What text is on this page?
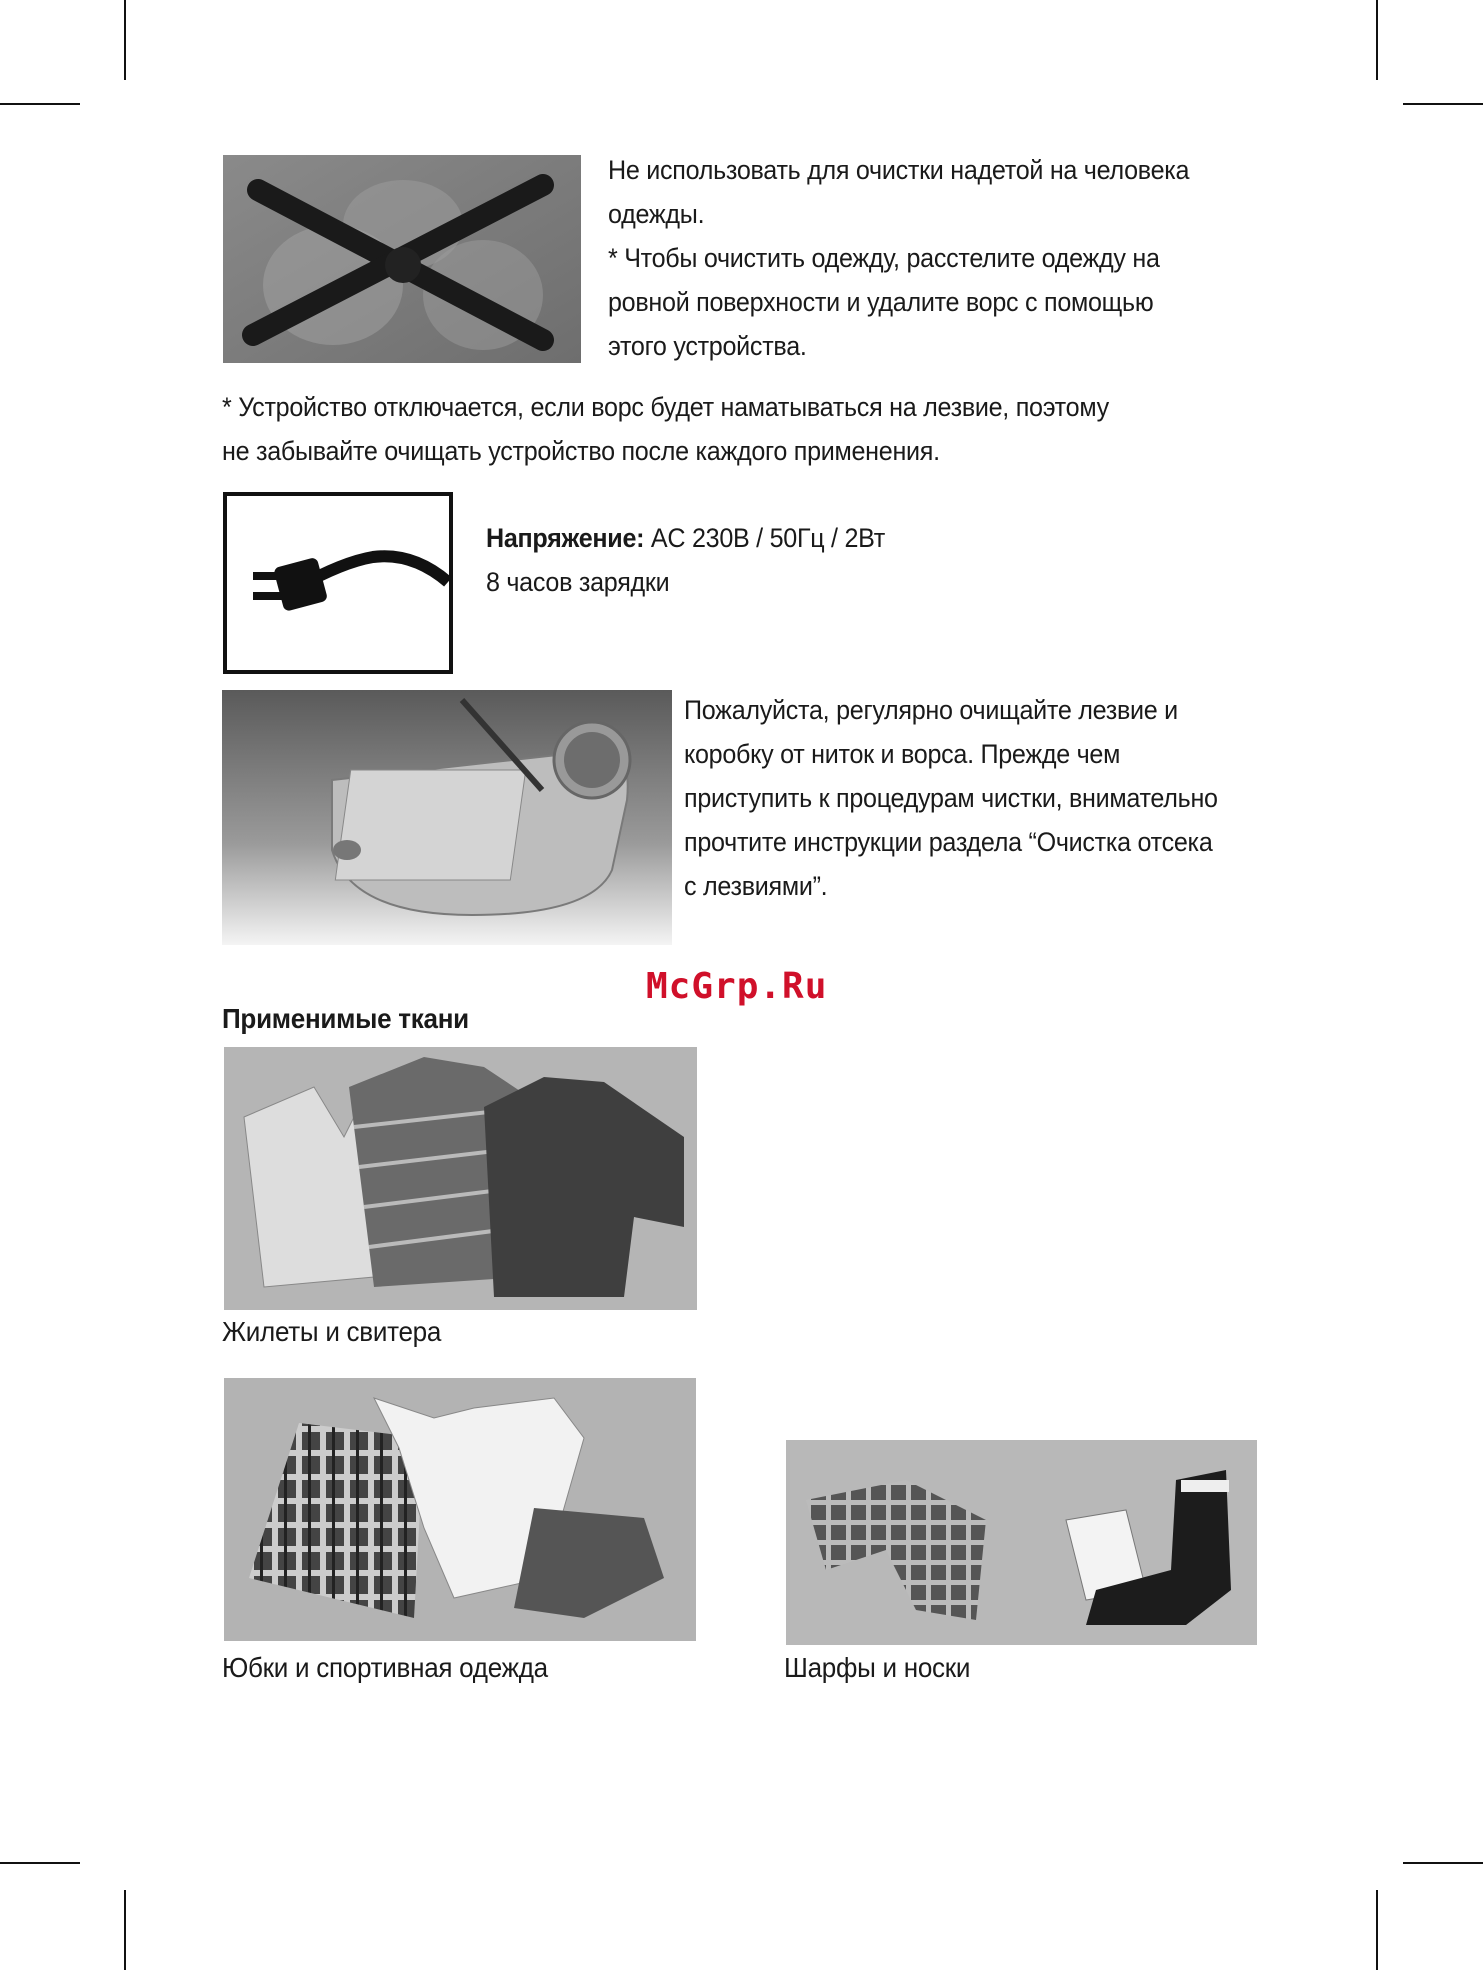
Не использовать для очистки надетой на человека

одежды.

* Чтобы очистить одежду, расстелите одежду на

ровной поверхности и удалите ворс с помощью

этого устройства.

* Устройство отключается, если ворс будет наматываться на лезвие, поэтому

не забывайте очищать устройство после каждого применения.

Напряжение: AC 230В / 50Гц / 2Вт

8 часов зарядки

Пожалуйста, регулярно очищайте лезвие и

коробку от ниток и ворса. Прежде чем

приступить к процедурам чистки, внимательно

прочтите инструкции раздела “Очистка отсека

с лезвиями”.

McGrp.Ru
Применимые ткани
Жилеты и свитера
Юбки и спортивная одежда	Шарфы и носки
